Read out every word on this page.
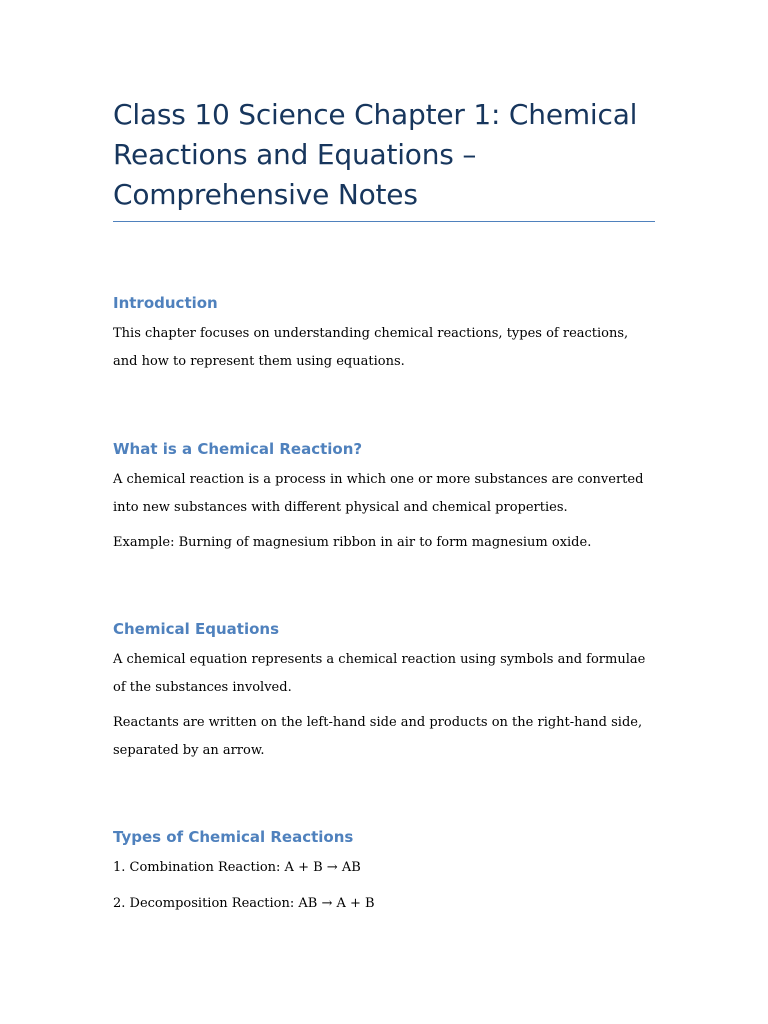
Class 10 Science Chapter 1: Chemical Reactions and Equations – Comprehensive Notes
Introduction

This chapter focuses on understanding chemical reactions, types of reactions, and how to represent them using equations.

What is a Chemical Reaction?

A chemical reaction is a process in which one or more substances are converted into new substances with different physical and chemical properties.

Example: Burning of magnesium ribbon in air to form magnesium oxide.

Chemical Equations

A chemical equation represents a chemical reaction using symbols and formulae of the substances involved.

Reactants are written on the left-hand side and products on the right-hand side, separated by an arrow.

Types of Chemical Reactions

1. Combination Reaction: A + B → AB

2. Decomposition Reaction: AB → A + B
